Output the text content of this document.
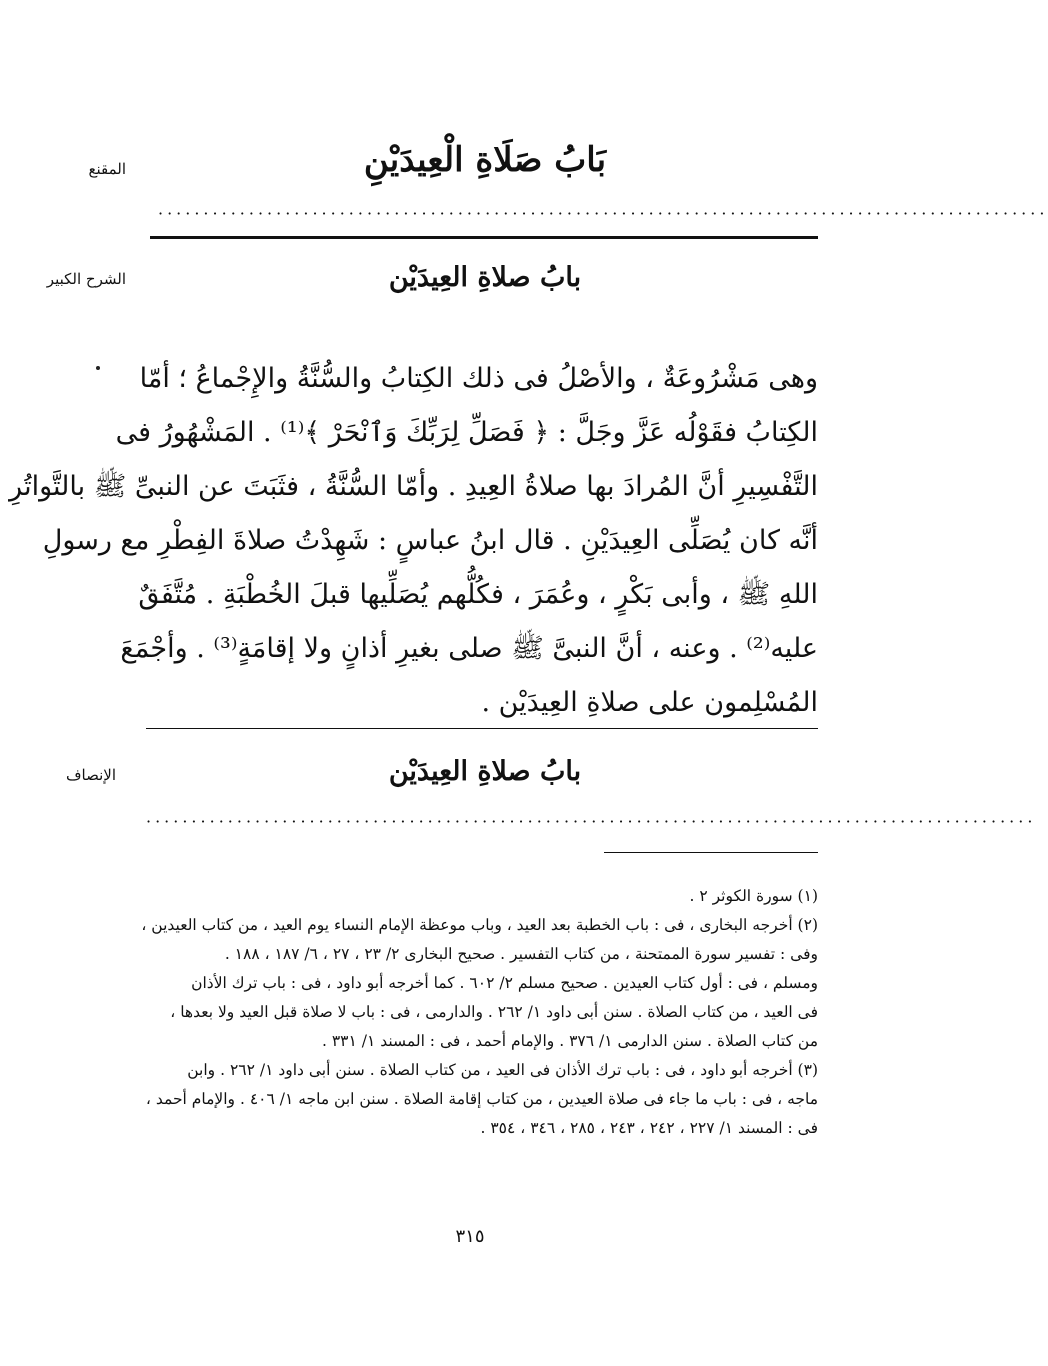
المقنع	بَابُ صَلَاةِ الْعِيدَيْنِ
··································································································
الشرح الكبير	بابُ صلاةِ العِيدَيْن
وهى مَشْرُوعَةٌ ، والأصْلُ فى ذلك الكِتابُ والسُّنَّةُ والإِجْماعُ ؛ أمّا
الكِتابُ فقَوْلُه عَزَّ وجَلَّ : ﴿ فَصَلِّ لِرَبِّكَ وَٱنْحَرْ ﴾⁽¹⁾ . المَشْهُورُ فى
التَّفْسِيرِ أنَّ المُرادَ بها صلاةُ العِيدِ . وأمّا السُّنَّةُ ، فثَبَتَ عن النبىِّ ﷺ بالتَّواتُرِ
أنَّه كان يُصَلِّى العِيدَيْنِ . قال ابنُ عباسٍ : شَهِدْتُ صلاةَ الفِطْرِ مع رسولِ
اللهِ ﷺ ، وأبى بَكْرٍ ، وعُمَرَ ، فكُلُّهم يُصَلِّيها قبلَ الخُطْبَةِ . مُتَّفَقٌ
عليه⁽²⁾ . وعنه ، أنَّ النبىَّ ﷺ صلى بغيرِ أذانٍ ولا إقامَةٍ⁽³⁾ . وأجْمَعَ
المُسْلِمون على صلاةِ العِيدَيْن .
الإنصاف	بابُ صلاةِ العِيدَيْن
··································································································
(١) سورة الكوثر ٢ .
(٢) أخرجه البخارى ، فى : باب الخطبة بعد العيد ، وباب موعظة الإمام النساء يوم العيد ، من كتاب العيدين ،
وفى : تفسير سورة الممتحنة ، من كتاب التفسير . صحيح البخارى ٢/ ٢٣ ، ٢٧ ، ٦/ ١٨٧ ، ١٨٨ .
ومسلم ، فى : أول كتاب العيدين . صحيح مسلم ٢/ ٦٠٢ . كما أخرجه أبو داود ، فى : باب ترك الأذان
فى العيد ، من كتاب الصلاة . سنن أبى داود ١/ ٢٦٢ . والدارمى ، فى : باب لا صلاة قبل العيد ولا بعدها ،
من كتاب الصلاة . سنن الدارمى ١/ ٣٧٦ . والإمام أحمد ، فى : المسند ١/ ٣٣١ .
(٣) أخرجه أبو داود ، فى : باب ترك الأذان فى العيد ، من كتاب الصلاة . سنن أبى داود ١/ ٢٦٢ . وابن
ماجه ، فى : باب ما جاء فى صلاة العيدين ، من كتاب إقامة الصلاة . سنن ابن ماجه ١/ ٤٠٦ . والإمام أحمد ،
فى : المسند ١/ ٢٢٧ ، ٢٤٢ ، ٢٤٣ ، ٢٨٥ ، ٣٤٦ ، ٣٥٤ .
٣١٥
